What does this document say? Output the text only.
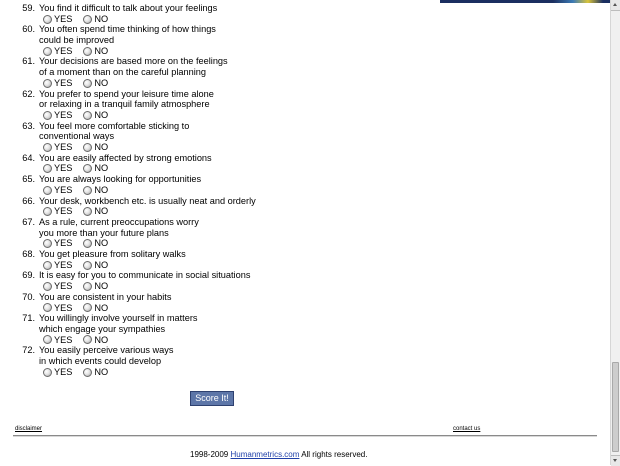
59. You find it difficult to talk about your feelings
YES NO
60. You often spend time thinking of how things
could be improved
YES NO
61. Your decisions are based more on the feelings
of a moment than on the careful planning
YES NO
62. You prefer to spend your leisure time alone
or relaxing in a tranquil family atmosphere
YES NO
63. You feel more comfortable sticking to
conventional ways
YES NO
64. You are easily affected by strong emotions
YES NO
65. You are always looking for opportunities
YES NO
66. Your desk, workbench etc. is usually neat and orderly
YES NO
67. As a rule, current preoccupations worry
you more than your future plans
YES NO
68. You get pleasure from solitary walks
YES NO
69. It is easy for you to communicate in social situations
YES NO
70. You are consistent in your habits
YES NO
71. You willingly involve yourself in matters
which engage your sympathies
YES NO
72. You easily perceive various ways
in which events could develop
YES NO
Score It!
disclaimer	contact us
1998-2009 Humanmetrics.com All rights reserved.
